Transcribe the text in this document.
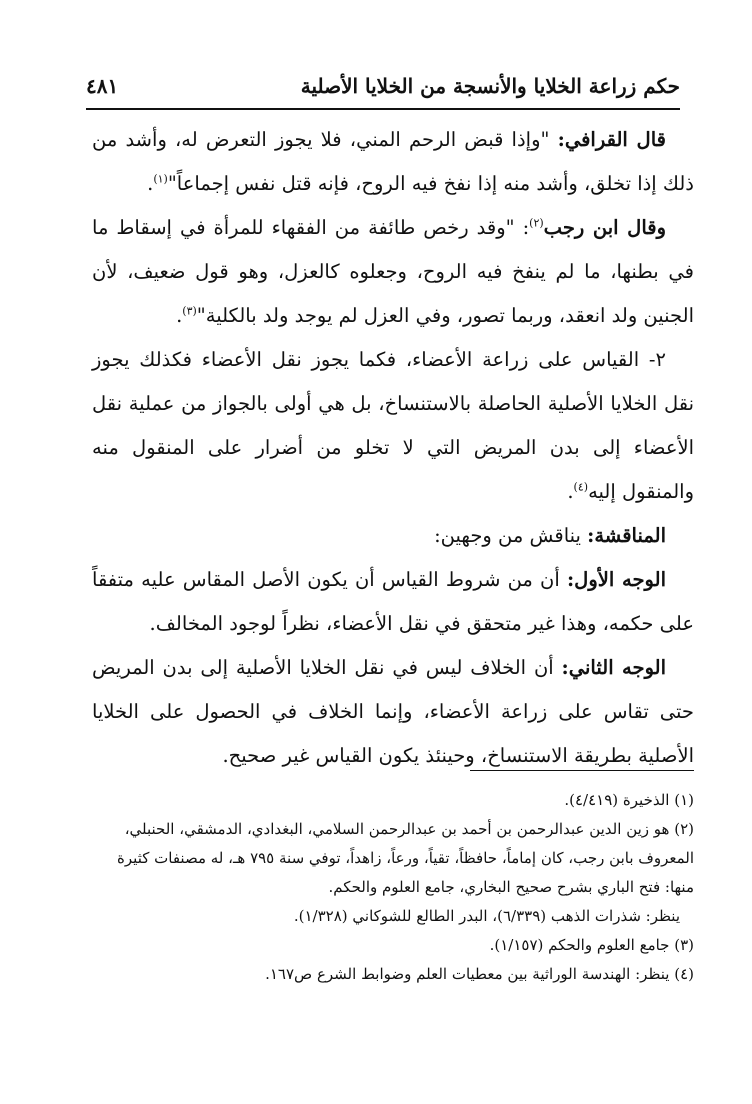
حكم زراعة الخلايا والأنسجة من الخلايا الأصلية
٤٨١

قال القرافي: "وإذا قبض الرحم المني، فلا يجوز التعرض له، وأشد من ذلك إذا تخلق، وأشد منه إذا نفخ فيه الروح، فإنه قتل نفس إجماعاً"$^{(١)}$.

وقال ابن رجب$^{(٢)}$: "وقد رخص طائفة من الفقهاء للمرأة في إسقاط ما في بطنها، ما لم ينفخ فيه الروح، وجعلوه كالعزل، وهو قول ضعيف، لأن الجنين ولد انعقد، وربما تصور، وفي العزل لم يوجد ولد بالكلية"$^{(٣)}$.

٢- القياس على زراعة الأعضاء، فكما يجوز نقل الأعضاء فكذلك يجوز نقل الخلايا الأصلية الحاصلة بالاستنساخ، بل هي أولى بالجواز من عملية نقل الأعضاء إلى بدن المريض التي لا تخلو من أضرار على المنقول منه والمنقول إليه$^{(٤)}$.

المناقشة: يناقش من وجهين:

الوجه الأول: أن من شروط القياس أن يكون الأصل المقاس عليه متفقاً على حكمه، وهذا غير متحقق في نقل الأعضاء، نظراً لوجود المخالف.

الوجه الثاني: أن الخلاف ليس في نقل الخلايا الأصلية إلى بدن المريض حتى تقاس على زراعة الأعضاء، وإنما الخلاف في الحصول على الخلايا الأصلية بطريقة الاستنساخ، وحينئذ يكون القياس غير صحيح.

(١) الذخيرة (٤/٤١٩).

(٢) هو زين الدين عبدالرحمن بن أحمد بن عبدالرحمن السلامي، البغدادي، الدمشقي، الحنبلي، المعروف بابن رجب، كان إماماً، حافظاً، تقياً، ورعاً، زاهداً، توفي سنة ٧٩٥ هـ، له مصنفات كثيرة منها: فتح الباري بشرح صحيح البخاري، جامع العلوم والحكم.

ينظر: شذرات الذهب (٦/٣٣٩)، البدر الطالع للشوكاني (١/٣٢٨).

(٣) جامع العلوم والحكم (١/١٥٧).

(٤) ينظر: الهندسة الوراثية بين معطيات العلم وضوابط الشرع ص١٦٧.
